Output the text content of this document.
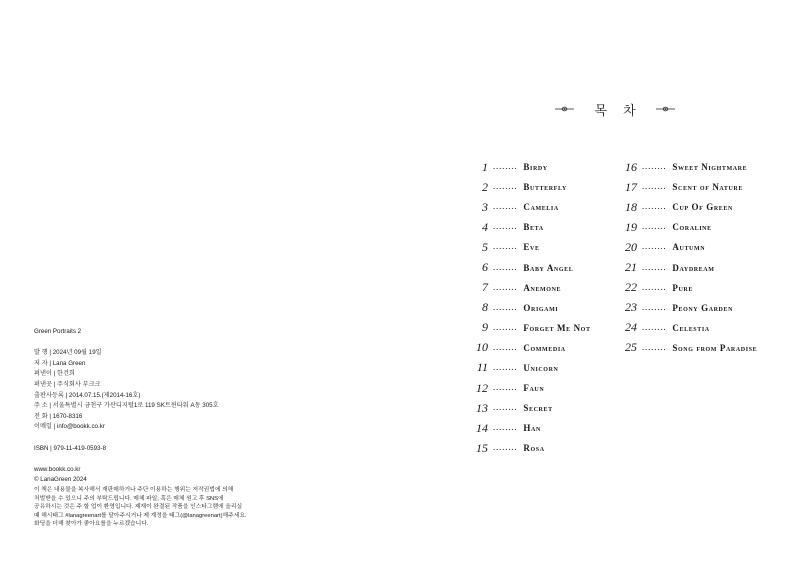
Green Portraits 2
발 행 | 2024년 09월 19일
저 자 | Lana Green
펴낸이 | 한건희
펴낸곳 | 주식회사 부크크
출판사등록 | 2014.07.15.(제2014-16호)
주 소 | 서울특별시 금천구 가산디지털1로 119 SK트윈타워 A동 305호
전 화 | 1670-8316
이메일 | info@bookk.co.kr
ISBN | 979-11-419-0593-8
www.bookk.co.kr
© LanaGreen 2024
이 책은 내용물을 복사해서 재판매하거나 주단 이용하는 행위는 저작권법에 의해
처벌받을 수 있으니 주의 부탁드립니다. 매체 파일, 혹은 매체 원고 후 SNS에
공유하시는 것은 주 할 업이 환영입니다. 제재이 완결된 작품을 인스타그램에 올리실
때 해시태그 #lanagreenart를 달아주시거나 제 계정을 태그(@lanagreenart)해주세요.
화딩을 더해 찾아가 좋아요를을 누르겠습니다.
목 차
1 ........ Birdy
2 ........ Butterfly
3 ........ Camelia
4 ........ Beta
5 ........ Eve
6 ........ Baby Angel
7 ........ Anemone
8 ........ Origami
9 ........ Forget Me Not
10 ........ Commedia
11 ........ Unicorn
12 ........ Faun
13 ........ Secret
14 ........ Han
15 ........ Rosa
16 ........ Sweet Nightmare
17 ........ Scent of Nature
18 ........ Cup Of Green
19 ........ Coraline
20 ........ Autumn
21 ........ Daydream
22 ........ Pure
23 ........ Peony Garden
24 ........ Celestia
25 ........ Song from Paradise
